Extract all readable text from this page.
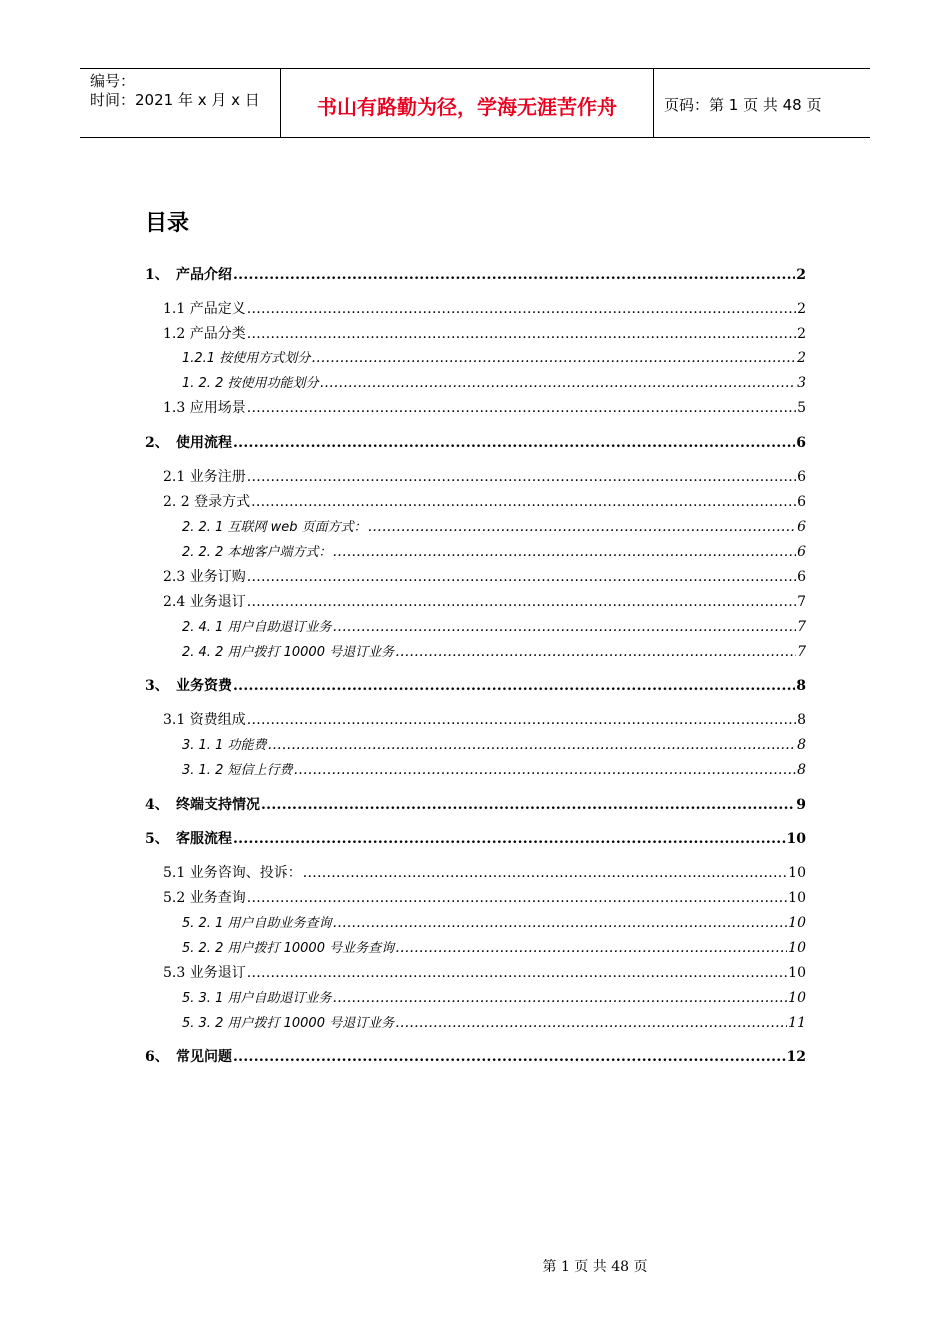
编号：
时间：2021 年 x 月 x 日	书山有路勤为径，学海无涯苦作舟	页码：第 1 页 共 48 页
目录
1、 产品介绍 .....	2
1.1 产品定义 .....	2
1.2 产品分类 .....	2
1.2.1 按使用方式划分 .....	2
1. 2. 2 按使用功能划分 .....	3
1.3 应用场景 .....	5
2、 使用流程 .....	6
2.1 业务注册 .....	6
2. 2 登录方式 .....	6
2. 2. 1 互联网 web 页面方式： .....	6
2. 2. 2 本地客户端方式： .....	6
2.3 业务订购 .....	6
2.4 业务退订 .....	7
2. 4. 1 用户自助退订业务 .....	7
2. 4. 2 用户拨打 10000 号退订业务 .....	7
3、 业务资费 .....	8
3.1 资费组成 .....	8
3. 1. 1 功能费 .....	8
3. 1. 2 短信上行费 .....	8
4、 终端支持情况 .....	9
5、 客服流程 .....	10
5.1 业务咨询、投诉： .....	10
5.2 业务查询 .....	10
5. 2. 1 用户自助业务查询 .....	10
5. 2. 2 用户拨打 10000 号业务查询 .....	10
5.3 业务退订 .....	10
5. 3. 1 用户自助退订业务 .....	10
5. 3. 2 用户拨打 10000 号退订业务 .....	11
6、 常见问题 .....	12
第 1 页 共 48 页
